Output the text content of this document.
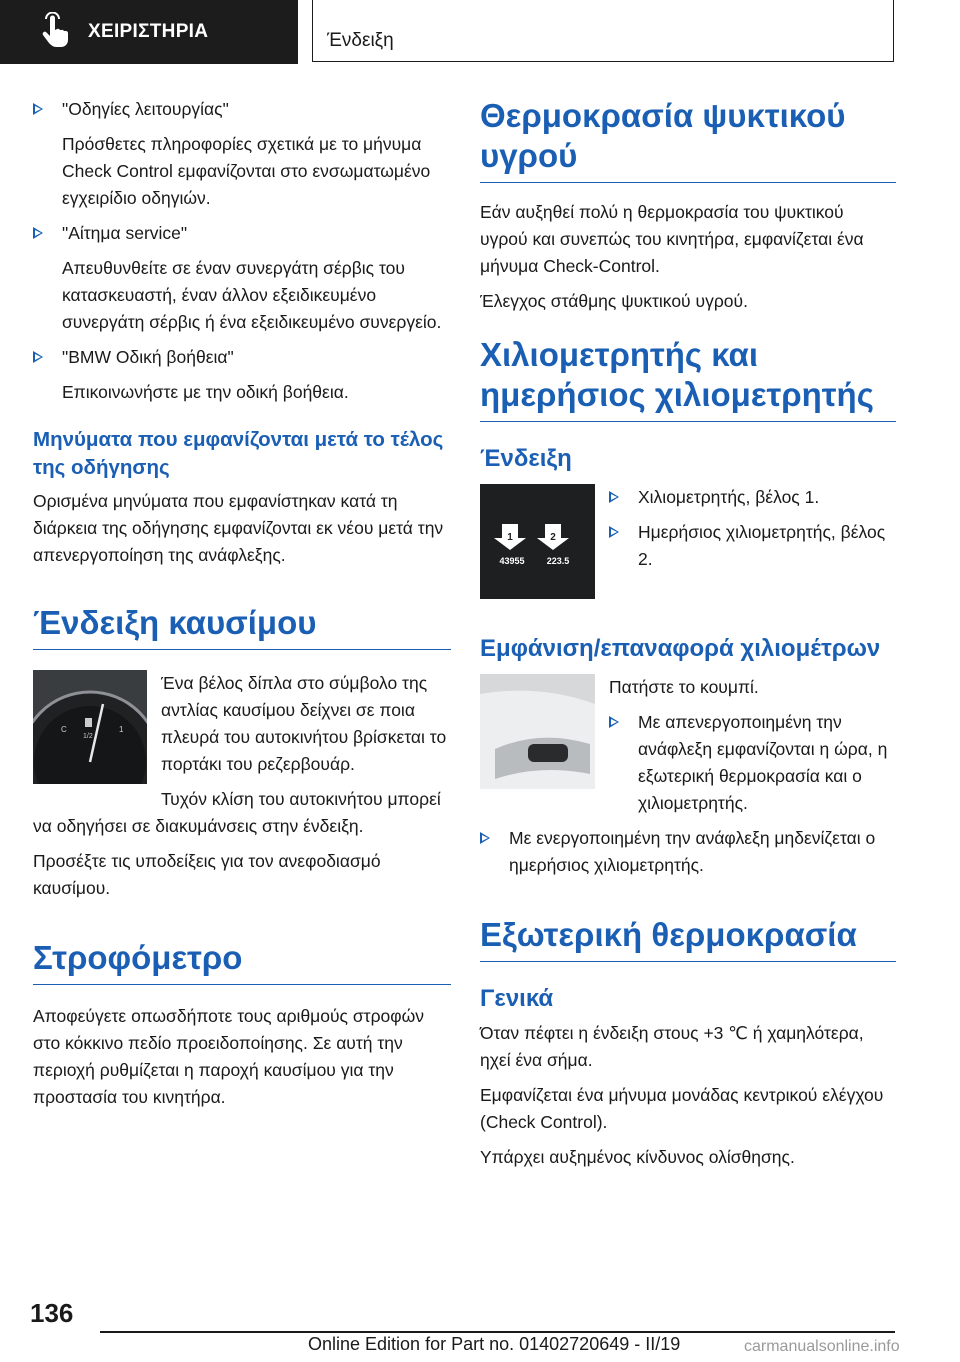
ΧΕΙΡΙΣΤΗΡΙΑ	Ένδειξη
"Οδηγίες λειτουργίας"

Πρόσθετες πληροφορίες σχετικά με το μήνυμα Check Control εμφανίζονται στο ενσωματωμένο εγχειρίδιο οδηγιών.

"Αίτημα service"

Απευθυνθείτε σε έναν συνεργάτη σέρβις του κατασκευαστή, έναν άλλον εξειδικευμένο συνεργάτη σέρβις ή ένα εξειδικευμένο συνεργείο.

"BMW Οδική βοήθεια"

Επικοινωνήστε με την οδική βοήθεια.

Μηνύματα που εμφανίζονται μετά το τέλος της οδήγησης

Ορισμένα μηνύματα που εμφανίστηκαν κατά τη διάρκεια της οδήγησης εμφανίζονται εκ νέου μετά την απενεργοποίηση της ανάφλεξης.

Ένδειξη καυσίμου
C
1/2
1

Ένα βέλος δίπλα στο σύμβολο της αντλίας καυσίμου δείχνει σε ποια πλευρά του αυτοκινήτου βρίσκεται το πορτάκι του ρεζερβουάρ.

Τυχόν κλίση του αυτοκινήτου μπορεί να οδηγήσει σε διακυμάνσεις στην ένδειξη.

Προσέξτε τις υποδείξεις για τον ανεφοδιασμό καυσίμου.

Στροφόμετρο

Αποφεύγετε οπωσδήποτε τους αριθμούς στροφών στο κόκκινο πεδίο προειδοποίησης. Σε αυτή την περιοχή ρυθμίζεται η παροχή καυσίμου για την προστασία του κινητήρα.

Θερμοκρασία ψυκτικού υγρού

Εάν αυξηθεί πολύ η θερμοκρασία του ψυκτικού υγρού και συνεπώς του κινητήρα, εμφανίζεται ένα μήνυμα Check-Control.

Έλεγχος στάθμης ψυκτικού υγρού.

Χιλιομετρητής και ημερήσιος χιλιομετρητής
Ένδειξη
1	2
43955 223.5
Χιλιομετρητής, βέλος 1.
Ημερήσιος χιλιομετρητής, βέλος 2.
Εμφάνιση/επαναφορά χιλιομέτρων

Πατήστε το κουμπί.

Με απενεργοποιημένη την ανάφλεξη εμφανίζονται η ώρα, η εξωτερική θερμοκρασία και ο χιλιομετρητής.
Με ενεργοποιημένη την ανάφλεξη μηδενίζεται ο ημερήσιος χιλιομετρητής.
Εξωτερική θερμοκρασία
Γενικά

Όταν πέφτει η ένδειξη στους +3 ℃ ή χαμηλότερα, ηχεί ένα σήμα.

Εμφανίζεται ένα μήνυμα μονάδας κεντρικού ελέγχου (Check Control).

Υπάρχει αυξημένος κίνδυνος ολίσθησης.

136
Online Edition for Part no. 01402720649 - II/19	carmanualsonline.info
